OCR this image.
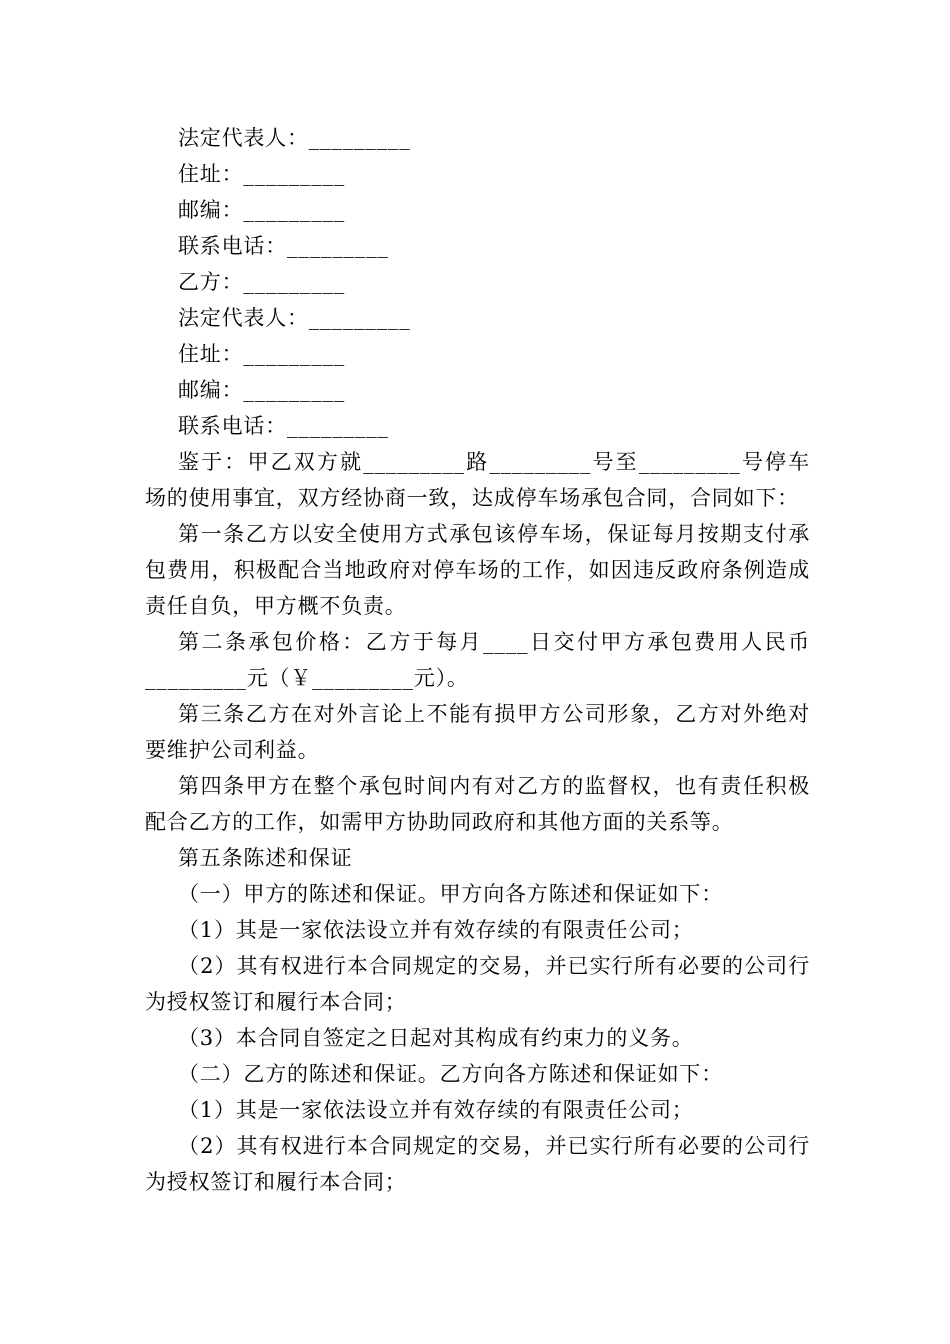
法定代表人：_________

住址：_________

邮编：_________

联系电话：_________

乙方：_________

法定代表人：_________

住址：_________

邮编：_________

联系电话：_________

鉴于：甲乙双方就_________路_________号至_________号停车场的使用事宜，双方经协商一致，达成停车场承包合同，合同如下：

第一条乙方以安全使用方式承包该停车场，保证每月按期支付承包费用，积极配合当地政府对停车场的工作，如因违反政府条例造成责任自负，甲方概不负责。

第二条承包价格：乙方于每月____日交付甲方承包费用人民币_________元（￥_________元）。

第三条乙方在对外言论上不能有损甲方公司形象，乙方对外绝对要维护公司利益。

第四条甲方在整个承包时间内有对乙方的监督权，也有责任积极配合乙方的工作，如需甲方协助同政府和其他方面的关系等。

第五条陈述和保证

（一）甲方的陈述和保证。甲方向各方陈述和保证如下：

（1）其是一家依法设立并有效存续的有限责任公司；

（2）其有权进行本合同规定的交易，并已实行所有必要的公司行为授权签订和履行本合同；

（3）本合同自签定之日起对其构成有约束力的义务。

（二）乙方的陈述和保证。乙方向各方陈述和保证如下：

（1）其是一家依法设立并有效存续的有限责任公司；

（2）其有权进行本合同规定的交易，并已实行所有必要的公司行为授权签订和履行本合同；
